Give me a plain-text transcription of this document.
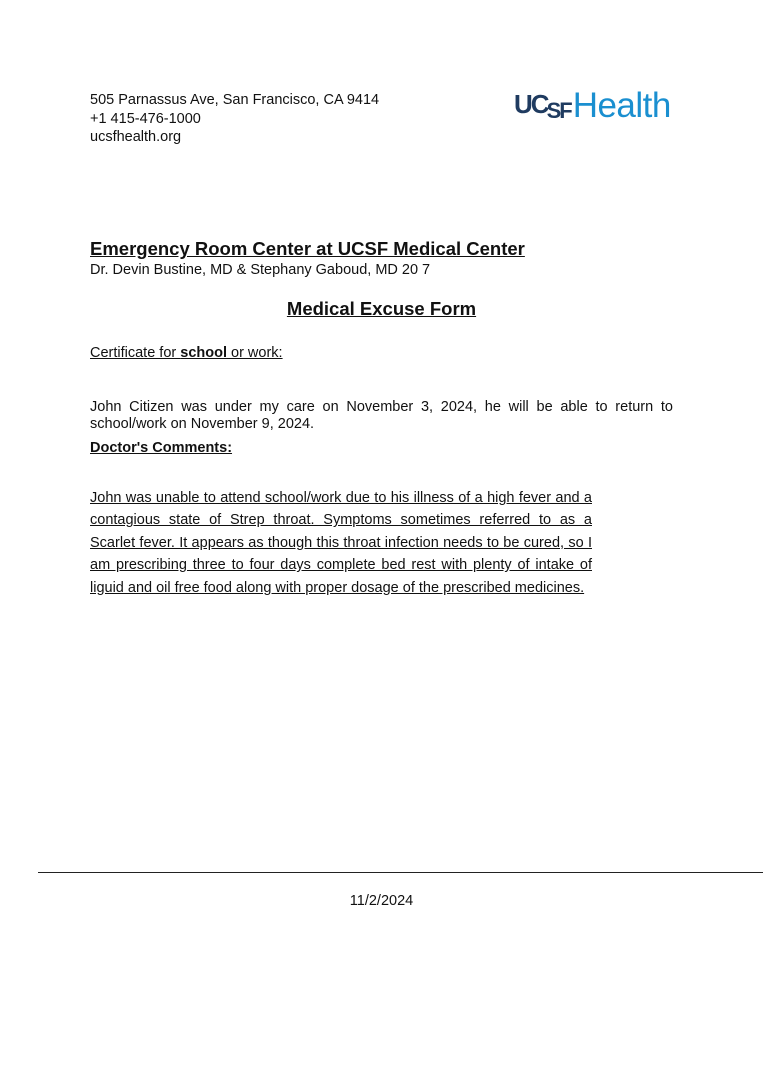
505 Parnassus Ave, San Francisco, CA 9414
+1 415-476-1000
ucsfhealth.org
UCSFHealth
Emergency Room Center at UCSF Medical Center
Dr. Devin Bustine, MD & Stephany Gaboud, MD 20 7
Medical Excuse Form
Certificate for school or work:
John Citizen was under my care on November 3, 2024, he will be able to return to school/work on November 9, 2024.
Doctor's Comments:
John was unable to attend school/work due to his illness of a high fever and a contagious state of Strep throat. Symptoms sometimes referred to as a Scarlet fever. It appears as though this throat infection needs to be cured, so I am prescribing three to four days complete bed rest with plenty of intake of liguid and oil free food along with proper dosage of the prescribed medicines.
11/2/2024
